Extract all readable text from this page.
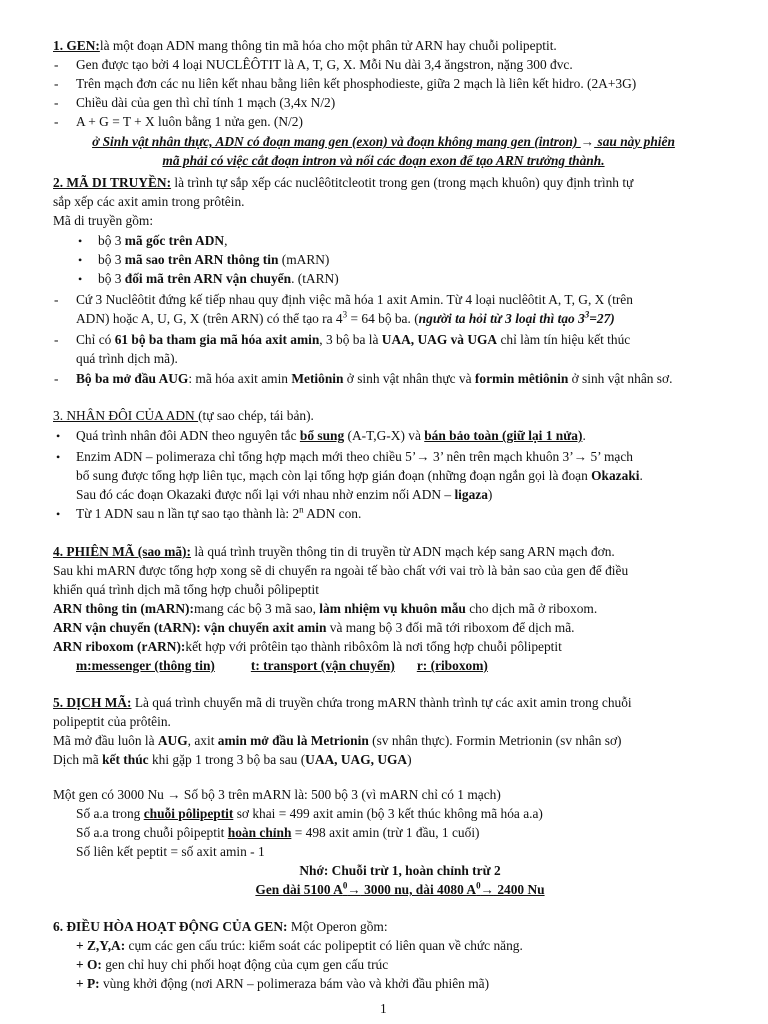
1. GEN:là một đoạn ADN mang thông tin mã hóa cho một phân tử ARN hay chuỗi polipeptit.
- Gen được tạo bởi 4 loại NUCLÊÔTIT là A, T, G, X. Mỗi Nu dài 3,4 ăngstron, nặng 300 đvc.
- Trên mạch đơn các nu liên kết nhau bằng liên kết phosphodieste, giữa 2 mạch là liên kết hidro. (2A+3G)
- Chiều dài của gen thì chỉ tính 1 mạch (3,4x N/2)
- A + G = T + X luôn bằng 1 nửa gen. (N/2)
ở Sinh vật nhân thực, ADN có đoạn mang gen (exon) và đoạn không mang gen (intron) → sau này phiên
mã phải có việc cắt đoạn intron và nối các đoạn exon để tạo ARN trưởng thành.
2. MÃ DI TRUYỀN: là trình tự sắp xếp các nuclêôtitcleotit trong gen (trong mạch khuôn) quy định trình tự
sắp xếp các axit amin trong prôtêin.
Mã di truyền gồm:
• bộ 3 mã gốc trên ADN,
• bộ 3 mã sao trên ARN thông tin (mARN)
• bộ 3 đối mã trên ARN vận chuyển. (tARN)
- Cứ 3 Nuclêôtit đứng kế tiếp nhau quy định việc mã hóa 1 axit Amin. Từ 4 loại nuclêôtit A, T, G, X (trên
ADN) hoặc A, U, G, X (trên ARN) có thể tạo ra $4^3 = 64$ bộ ba. (người ta hỏi từ 3 loại thì tạo $3^3=27$)
- Chỉ có 61 bộ ba tham gia mã hóa axit amin, 3 bộ ba là UAA, UAG và UGA chỉ làm tín hiệu kết thúc
quá trình dịch mã).
- Bộ ba mở đầu AUG: mã hóa axit amin Metiônin ở sinh vật nhân thực và formin mêtiônin ở sinh vật nhân sơ.
3. NHÂN ĐÔI CỦA ADN (tự sao chép, tái bản).
• Quá trình nhân đôi ADN theo nguyên tắc bổ sung (A-T,G-X) và bán bảo toàn (giữ lại 1 nửa).
• Enzim ADN – polimeraza chỉ tổng hợp mạch mới theo chiều 5’→ 3’ nên trên mạch khuôn 3’→ 5’ mạch
bổ sung được tổng hợp liên tục, mạch còn lại tổng hợp gián đoạn (những đoạn ngắn gọi là đoạn Okazaki.
Sau đó các đoạn Okazaki được nối lại với nhau nhờ enzim nối ADN – ligaza)
• Từ 1 ADN sau n lần tự sao tạo thành là: 2$^n$ ADN con.
4. PHIÊN MÃ (sao mã): là quá trình truyền thông tin di truyền từ ADN mạch kép sang ARN mạch đơn.
Sau khi mARN được tổng hợp xong sẽ di chuyển ra ngoài tế bào chất với vai trò là bản sao của gen để điều
khiển quá trình dịch mã tổng hợp chuỗi pôlipeptit
ARN thông tin (mARN):mang các bộ 3 mã sao, làm nhiệm vụ khuôn mẫu cho dịch mã ở riboxom.
ARN vận chuyển (tARN): vận chuyển axit amin và mang bộ 3 đối mã tới riboxom để dịch mã.
ARN riboxom (rARN):kết hợp với prôtêin tạo thành ribôxôm là nơi tổng hợp chuỗi pôlipeptit
m:messenger (thông tin)	t: transport (vận chuyển) r: (riboxom)
5. DỊCH MÃ: Là quá trình chuyển mã di truyền chứa trong mARN thành trình tự các axit amin trong chuỗi
polipeptit của prôtêin.
Mã mở đầu luôn là AUG, axit amin mở đầu là Metrionin (sv nhân thực). Formin Metrionin (sv nhân sơ)
Dịch mã kết thúc khi gặp 1 trong 3 bộ ba sau (UAA, UAG, UGA)
Một gen có 3000 Nu → Số bộ 3 trên mARN là: 500 bộ 3 (vì mARN chỉ có 1 mạch)
Số a.a trong chuỗi pôlipeptit sơ khai = 499 axit amin (bộ 3 kết thúc không mã hóa a.a)
Số a.a trong chuỗi pôipeptit hoàn chỉnh = 498 axit amin (trừ 1 đầu, 1 cuối)
Số liên kết peptit = số axit amin - 1
Nhớ: Chuỗi trừ 1, hoàn chỉnh trừ 2
Gen dài 5100 $A^0\to 3000$ nu, dài 4080 $A^0\to 2400$ Nu
6. ĐIỀU HÒA HOẠT ĐỘNG CỦA GEN: Một Operon gồm:
+ Z,Y,A: cụm các gen cấu trúc: kiểm soát các polipeptit có liên quan về chức năng.
+ O: gen chỉ huy chi phối hoạt động của cụm gen cấu trúc
+ P: vùng khởi động (nơi ARN – polimeraza bám vào và khởi đầu phiên mã)
1
